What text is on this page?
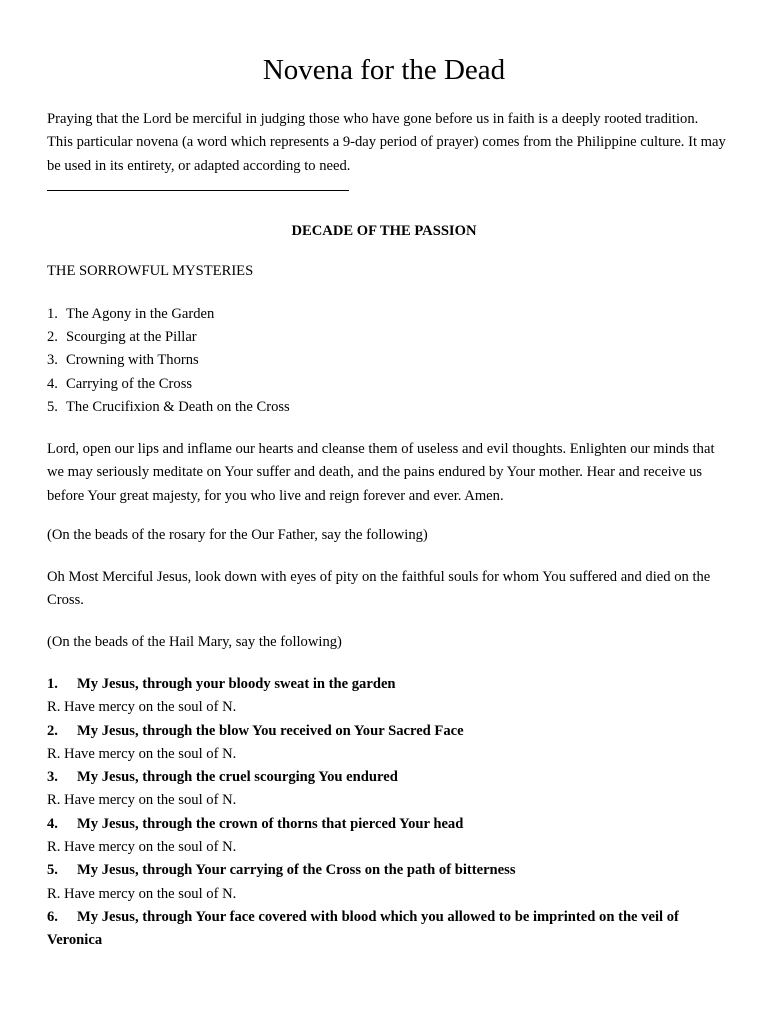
Novena for the Dead

Praying that the Lord be merciful in judging those who have gone before us in faith is a deeply rooted tradition. This particular novena (a word which represents a 9-day period of prayer) comes from the Philippine culture. It may be used in its entirety, or adapted according to need.

DECADE OF THE PASSION

THE SORROWFUL MYSTERIES

1. The Agony in the Garden
2. Scourging at the Pillar
3. Crowning with Thorns
4. Carrying of the Cross
5. The Crucifixion & Death on the Cross

Lord, open our lips and inflame our hearts and cleanse them of useless and evil thoughts. Enlighten our minds that we may seriously meditate on Your suffer and death, and the pains endured by Your mother. Hear and receive us before Your great majesty, for you who live and reign forever and ever. Amen.

(On the beads of the rosary for the Our Father, say the following)

Oh Most Merciful Jesus, look down with eyes of pity on the faithful souls for whom You suffered and died on the Cross.

(On the beads of the Hail Mary, say the following)

1. My Jesus, through your bloody sweat in the garden
R. Have mercy on the soul of N.
2. My Jesus, through the blow You received on Your Sacred Face
R. Have mercy on the soul of N.
3. My Jesus, through the cruel scourging You endured
R. Have mercy on the soul of N.
4. My Jesus, through the crown of thorns that pierced Your head
R. Have mercy on the soul of N.
5. My Jesus, through Your carrying of the Cross on the path of bitterness
R. Have mercy on the soul of N.
6. My Jesus, through Your face covered with blood which you allowed to be imprinted on the veil of Veronica
